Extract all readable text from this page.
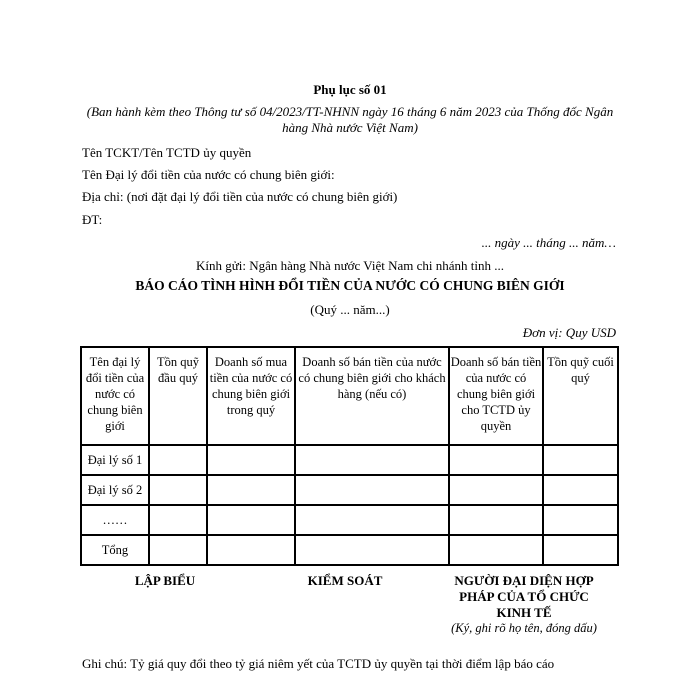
Phụ lục số 01
(Ban hành kèm theo Thông tư số 04/2023/TT-NHNN ngày 16 tháng 6 năm 2023 của Thống đốc Ngân hàng Nhà nước Việt Nam)
Tên TCKT/Tên TCTD ủy quyền
Tên Đại lý đổi tiền của nước có chung biên giới:
Địa chỉ: (nơi đặt đại lý đổi tiền của nước có chung biên giới)
ĐT:
... ngày ... tháng ... năm…
Kính gửi: Ngân hàng Nhà nước Việt Nam chi nhánh tỉnh ...
BÁO CÁO TÌNH HÌNH ĐỔI TIỀN CỦA NƯỚC CÓ CHUNG BIÊN GIỚI
(Quý ... năm...)
Đơn vị: Quy USD
Tên đại lý đổi tiền của nước có chung biên giới	Tồn quỹ đầu quý	Doanh số mua tiền của nước có chung biên giới trong quý	Doanh số bán tiền của nước có chung biên giới cho khách hàng (nếu có)	Doanh số bán tiền của nước có chung biên giới cho TCTD ủy quyền	Tồn quỹ cuối quý
Đại lý số 1					
Đại lý số 2					
……					
Tổng					
LẬP BIỂU	KIỂM SOÁT	NGƯỜI ĐẠI DIỆN HỢP PHÁP CỦA TỔ CHỨC KINH TẾ
(Ký, ghi rõ họ tên, đóng dấu)
Ghi chú: Tỷ giá quy đổi theo tỷ giá niêm yết của TCTD ủy quyền tại thời điểm lập báo cáo
